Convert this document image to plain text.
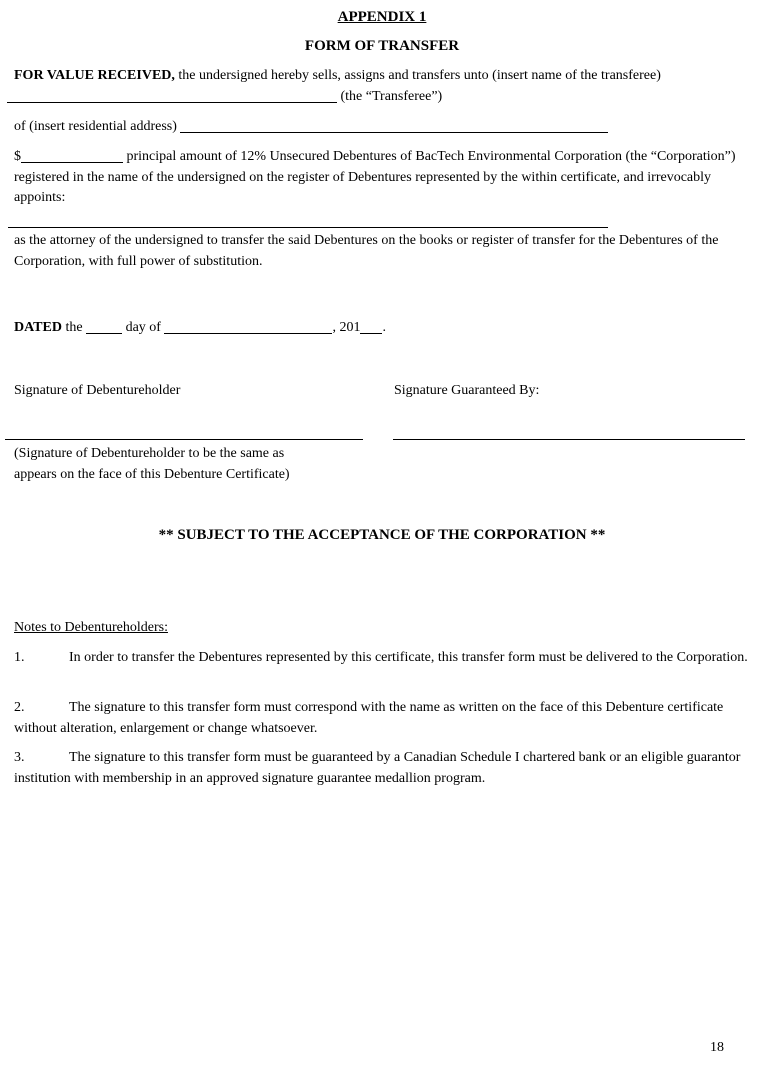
APPENDIX 1
FORM OF TRANSFER
FOR VALUE RECEIVED, the undersigned hereby sells, assigns and transfers unto (insert name of the transferee)
(the “Transferee”)
of (insert residential address)
$	principal amount of 12% Unsecured Debentures of BacTech Environmental Corporation (the “Corporation”) registered in the name of the undersigned on the register of Debentures represented by the within certificate, and irrevocably appoints:
as the attorney of the undersigned to transfer the said Debentures on the books or register of transfer for the Debentures of the Corporation, with full power of substitution.
DATED the	day of	, 201 .
Signature of Debentureholder	Signature Guaranteed By:
(Signature of Debentureholder to be the same as
appears on the face of this Debenture Certificate)
** SUBJECT TO THE ACCEPTANCE OF THE CORPORATION **
Notes to Debentureholders:
1.	In order to transfer the Debentures represented by this certificate, this transfer form must be delivered to the Corporation.
2.	The signature to this transfer form must correspond with the name as written on the face of this Debenture certificate without alteration, enlargement or change whatsoever.
3.	The signature to this transfer form must be guaranteed by a Canadian Schedule I chartered bank or an eligible guarantor institution with membership in an approved signature guarantee medallion program.
18
